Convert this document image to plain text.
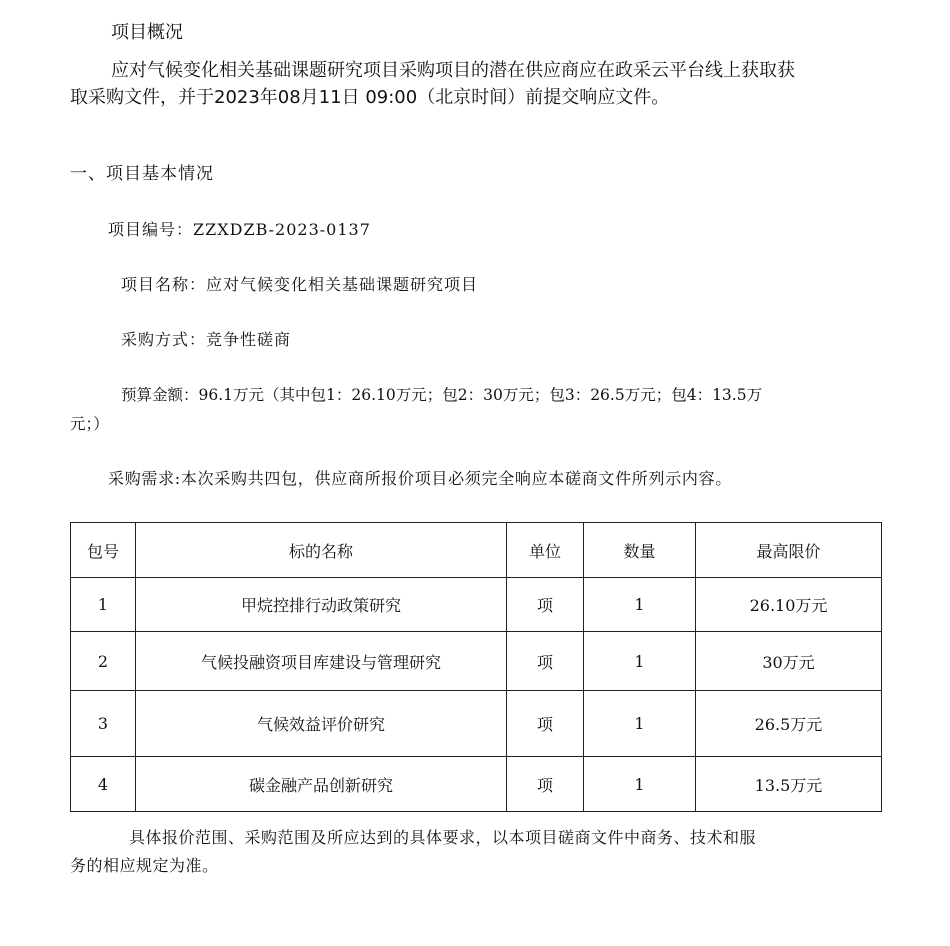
项目概况
应对气候变化相关基础课题研究项目采购项目的潜在供应商应在政采云平台线上获取获
取采购文件，并于2023年08月11日 09:00（北京时间）前提交响应文件。
一、项目基本情况
项目编号：ZZXDZB-2023-0137
项目名称：应对气候变化相关基础课题研究项目
采购方式：竞争性磋商
预算金额：96.1万元（其中包1：26.10万元；包2：30万元；包3：26.5万元；包4：13.5万
元；）
采购需求:本次采购共四包，供应商所报价项目必须完全响应本磋商文件所列示内容。
包号	标的名称	单位	数量	最高限价
1	甲烷控排行动政策研究	项	1	26.10万元
2	气候投融资项目库建设与管理研究	项	1	30万元
3	气候效益评价研究	项	1	26.5万元
4	碳金融产品创新研究	项	1	13.5万元
具体报价范围、采购范围及所应达到的具体要求，以本项目磋商文件中商务、技术和服
务的相应规定为准。
